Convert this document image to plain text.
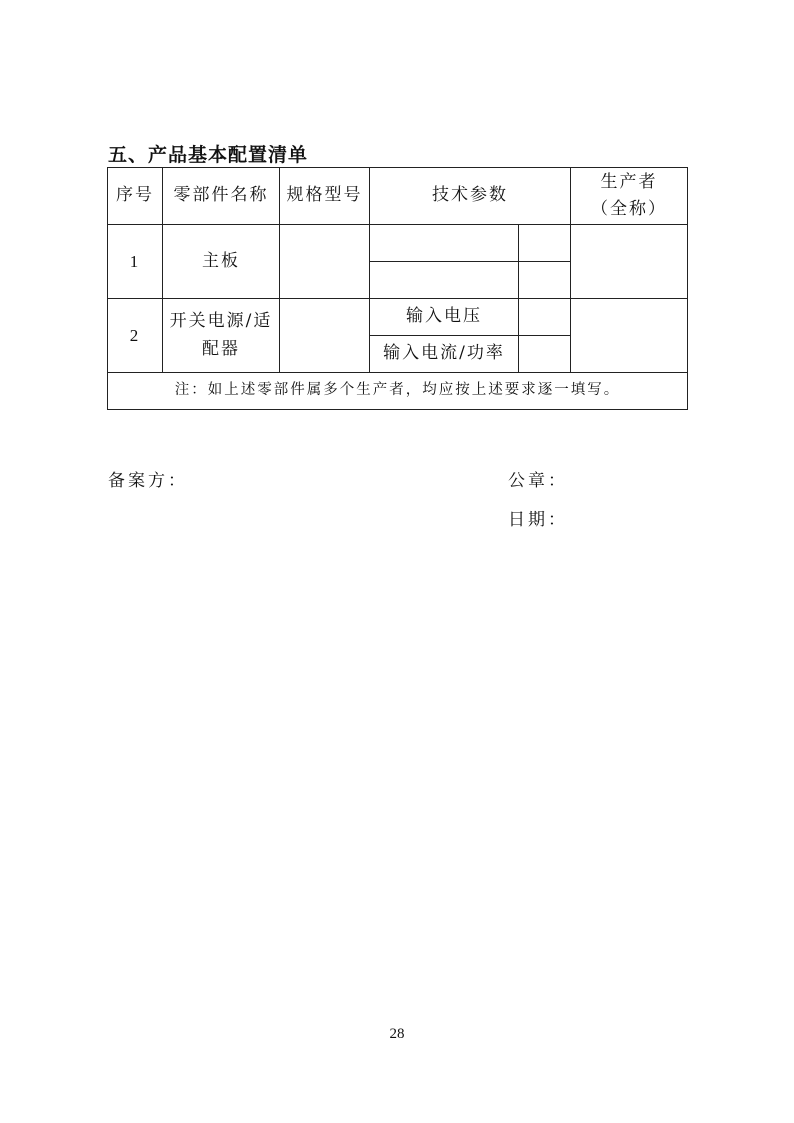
五、产品基本配置清单
序号	零部件名称	规格型号	技术参数		生产者
（全称）

1	主板				

2	开关电源/适
配器		输入电压		
			输入电流/功率		
注：如上述零部件属多个生产者，均应按上述要求逐一填写。					
备案方：	公章：
日期：
28
